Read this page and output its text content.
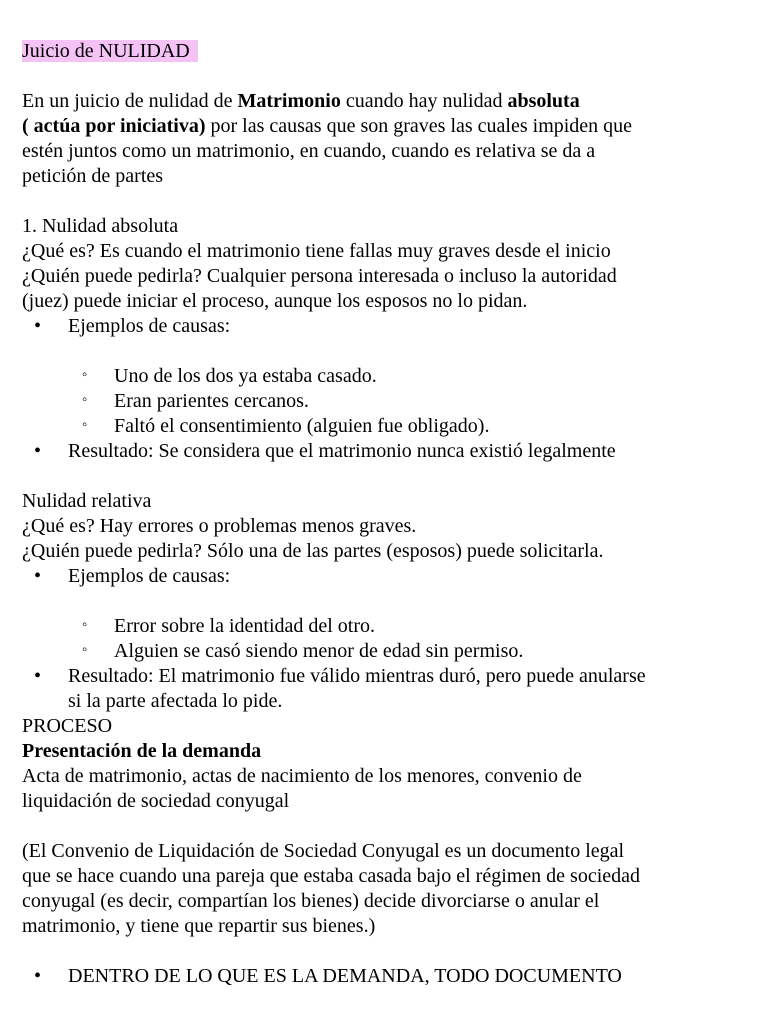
Juicio de NULIDAD
En un juicio de nulidad de Matrimonio cuando hay nulidad absoluta
( actúa por iniciativa) por las causas que son graves las cuales impiden que
estén juntos como un matrimonio, en cuando, cuando es relativa se da a
petición de partes
1. Nulidad absoluta
¿Qué es? Es cuando el matrimonio tiene fallas muy graves desde el inicio
¿Quién puede pedirla? Cualquier persona interesada o incluso la autoridad
(juez) puede iniciar el proceso, aunque los esposos no lo pidan.
• Ejemplos de causas:
◦ Uno de los dos ya estaba casado.
◦ Eran parientes cercanos.
◦ Faltó el consentimiento (alguien fue obligado).
• Resultado: Se considera que el matrimonio nunca existió legalmente
Nulidad relativa
¿Qué es? Hay errores o problemas menos graves.
¿Quién puede pedirla? Sólo una de las partes (esposos) puede solicitarla.
• Ejemplos de causas:
◦ Error sobre la identidad del otro.
◦ Alguien se casó siendo menor de edad sin permiso.
• Resultado: El matrimonio fue válido mientras duró, pero puede anularse
si la parte afectada lo pide.
PROCESO
Presentación de la demanda
Acta de matrimonio, actas de nacimiento de los menores, convenio de
liquidación de sociedad conyugal
(El Convenio de Liquidación de Sociedad Conyugal es un documento legal
que se hace cuando una pareja que estaba casada bajo el régimen de sociedad
conyugal (es decir, compartían los bienes) decide divorciarse o anular el
matrimonio, y tiene que repartir sus bienes.)
• DENTRO DE LO QUE ES LA DEMANDA, TODO DOCUMENTO
